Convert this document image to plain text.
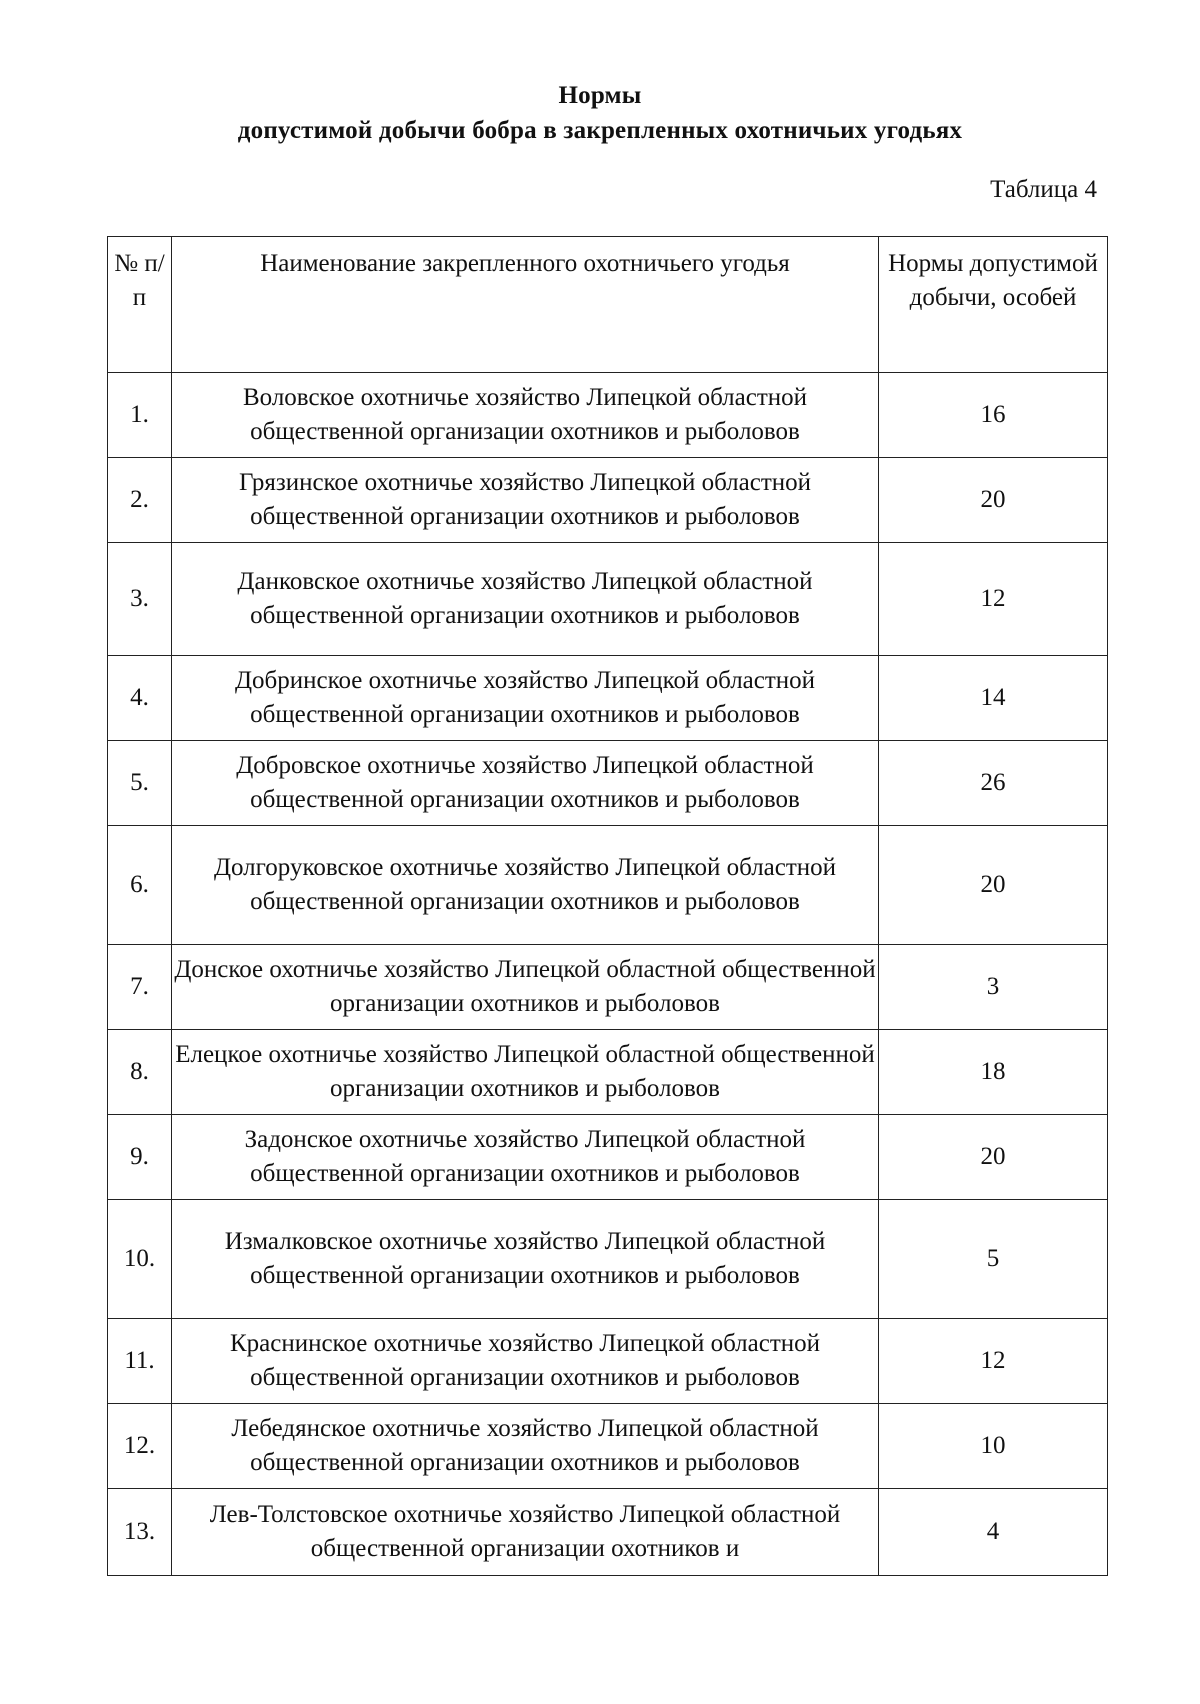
Нормы
допустимой добычи бобра в закрепленных охотничьих угодьях
Таблица 4
№ п/п	Наименование закрепленного охотничьего угодья	Нормы допустимой добычи, особей
1.	Воловское охотничье хозяйство Липецкой областной общественной организации охотников и рыболовов	16
2.	Грязинское охотничье хозяйство Липецкой областной общественной организации охотников и рыболовов	20
3.	Данковское охотничье хозяйство Липецкой областной общественной организации охотников и рыболовов	12
4.	Добринское охотничье хозяйство Липецкой областной общественной организации охотников и рыболовов	14
5.	Добровское охотничье хозяйство Липецкой областной общественной организации охотников и рыболовов	26
6.	Долгоруковское охотничье хозяйство Липецкой областной общественной организации охотников и рыболовов	20
7.	Донское охотничье хозяйство Липецкой областной общественной организации охотников и рыболовов	3
8.	Елецкое охотничье хозяйство Липецкой областной общественной организации охотников и рыболовов	18
9.	Задонское охотничье хозяйство Липецкой областной общественной организации охотников и рыболовов	20
10.	Измалковское охотничье хозяйство Липецкой областной общественной организации охотников и рыболовов	5
11.	Краснинское охотничье хозяйство Липецкой областной общественной организации охотников и рыболовов	12
12.	Лебедянское охотничье хозяйство Липецкой областной общественной организации охотников и рыболовов	10
13.	Лев-Толстовское охотничье хозяйство Липецкой областной общественной организации охотников и	4
